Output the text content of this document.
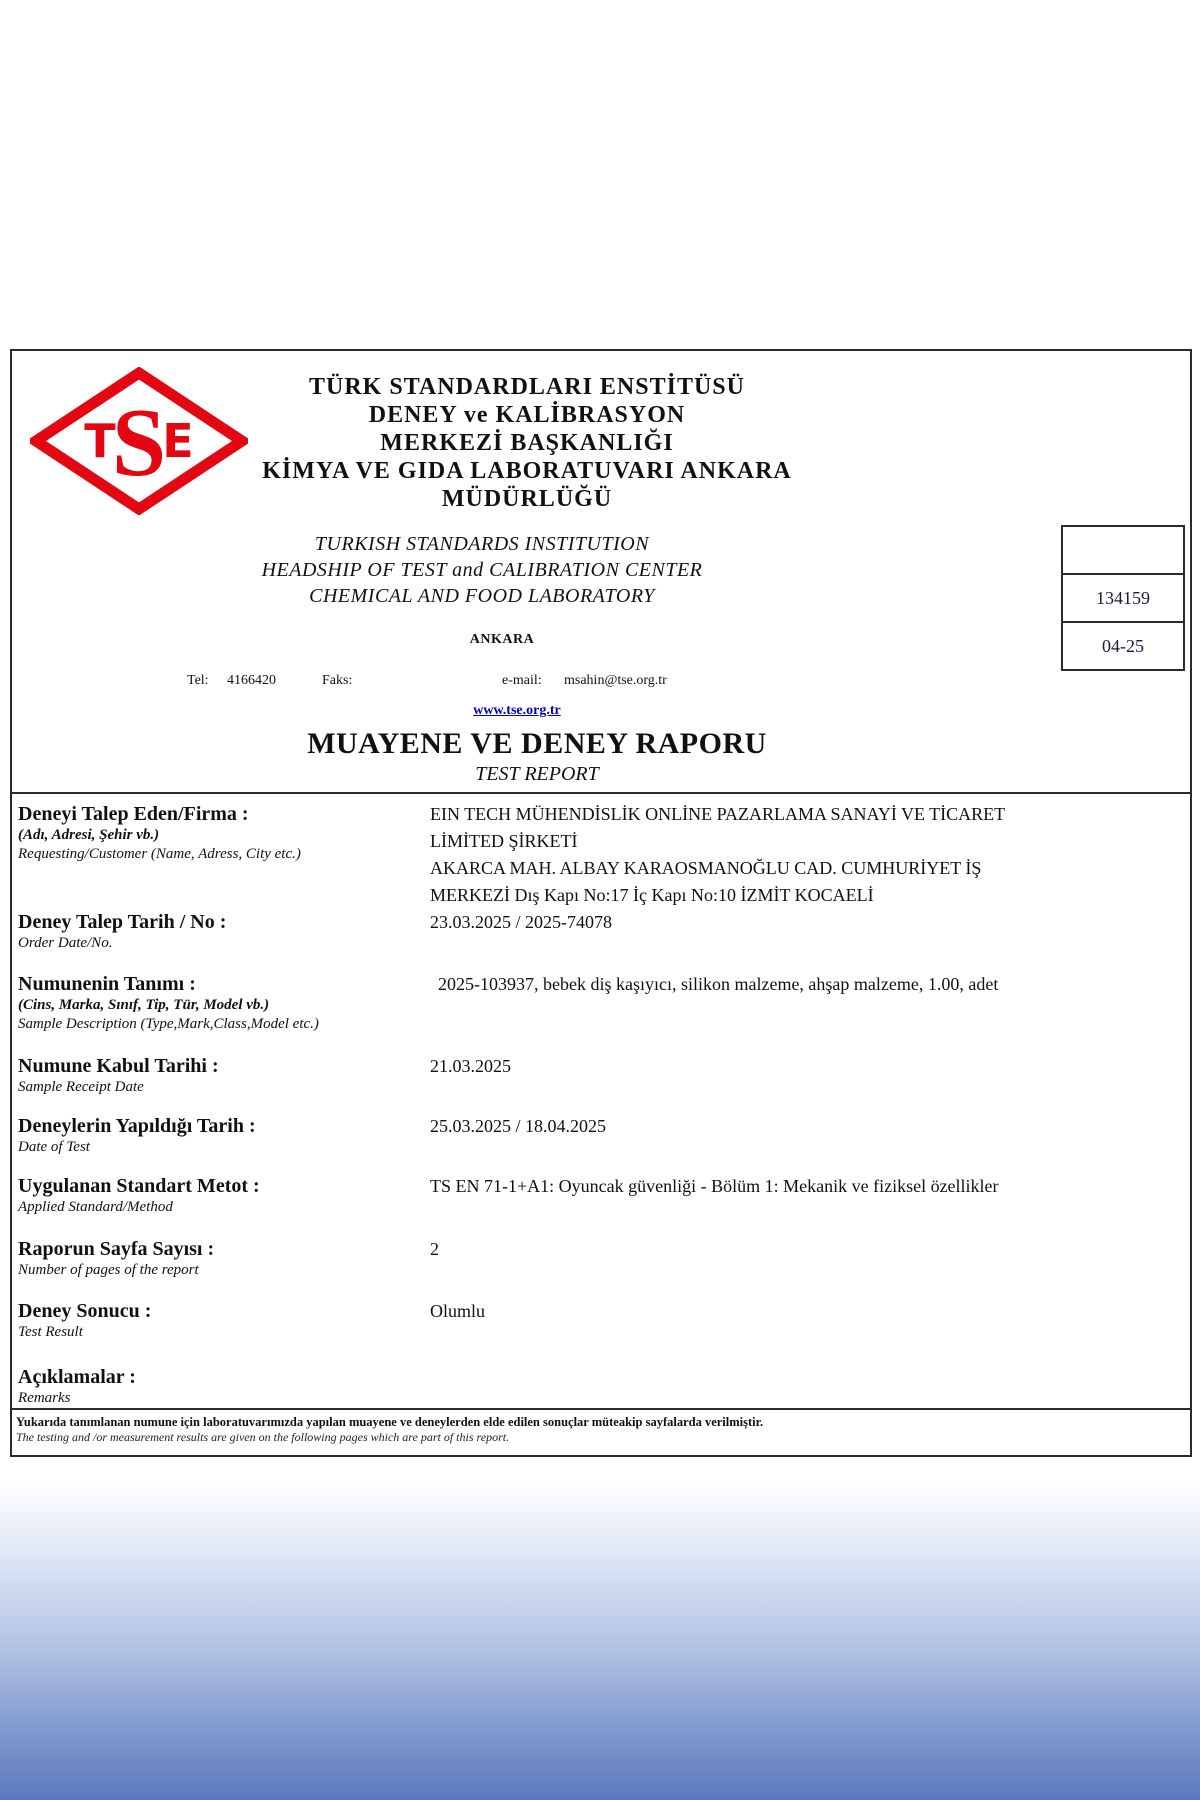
T
S
E
TÜRK STANDARDLARI ENSTİTÜSÜ
DENEY ve KALİBRASYON
MERKEZİ BAŞKANLIĞI
KİMYA VE GIDA LABORATUVARI ANKARA
MÜDÜRLÜĞÜ
TURKISH STANDARDS INSTITUTION
HEADSHIP OF TEST and CALIBRATION CENTER
CHEMICAL AND FOOD LABORATORY
ANKARA
Tel: 4166420	Faks:	e-mail: msahin@tse.org.tr
www.tse.org.tr
134159
04-25
MUAYENE VE DENEY RAPORU
TEST REPORT
Deneyi Talep Eden/Firma :
(Adı, Adresi, Şehir vb.)
Requesting/Customer (Name, Adress, City etc.)
EIN TECH MÜHENDİSLİK ONLİNE PAZARLAMA SANAYİ VE TİCARET
LİMİTED ŞİRKETİ
AKARCA MAH. ALBAY KARAOSMANOĞLU CAD. CUMHURİYET İŞ
MERKEZİ Dış Kapı No:17 İç Kapı No:10 İZMİT KOCAELİ
Deney Talep Tarih / No :
Order Date/No.
23.03.2025 / 2025-74078
Numunenin Tanımı :
(Cins, Marka, Sınıf, Tip, Tür, Model vb.)
Sample Description (Type,Mark,Class,Model etc.)
2025-103937, bebek diş kaşıyıcı, silikon malzeme, ahşap malzeme, 1.00, adet
Numune Kabul Tarihi :
Sample Receipt Date
21.03.2025
Deneylerin Yapıldığı Tarih :
Date of Test
25.03.2025 / 18.04.2025
Uygulanan Standart Metot :
Applied Standard/Method
TS EN 71-1+A1: Oyuncak güvenliği - Bölüm 1: Mekanik ve fiziksel özellikler
Raporun Sayfa Sayısı :
Number of pages of the report
2
Deney Sonucu :
Test Result
Olumlu
Açıklamalar :
Remarks
Yukarıda tanımlanan numune için laboratuvarımızda yapılan muayene ve deneylerden elde edilen sonuçlar müteakip sayfalarda verilmiştir.
The testing and /or measurement results are given on the following pages which are part of this report.
